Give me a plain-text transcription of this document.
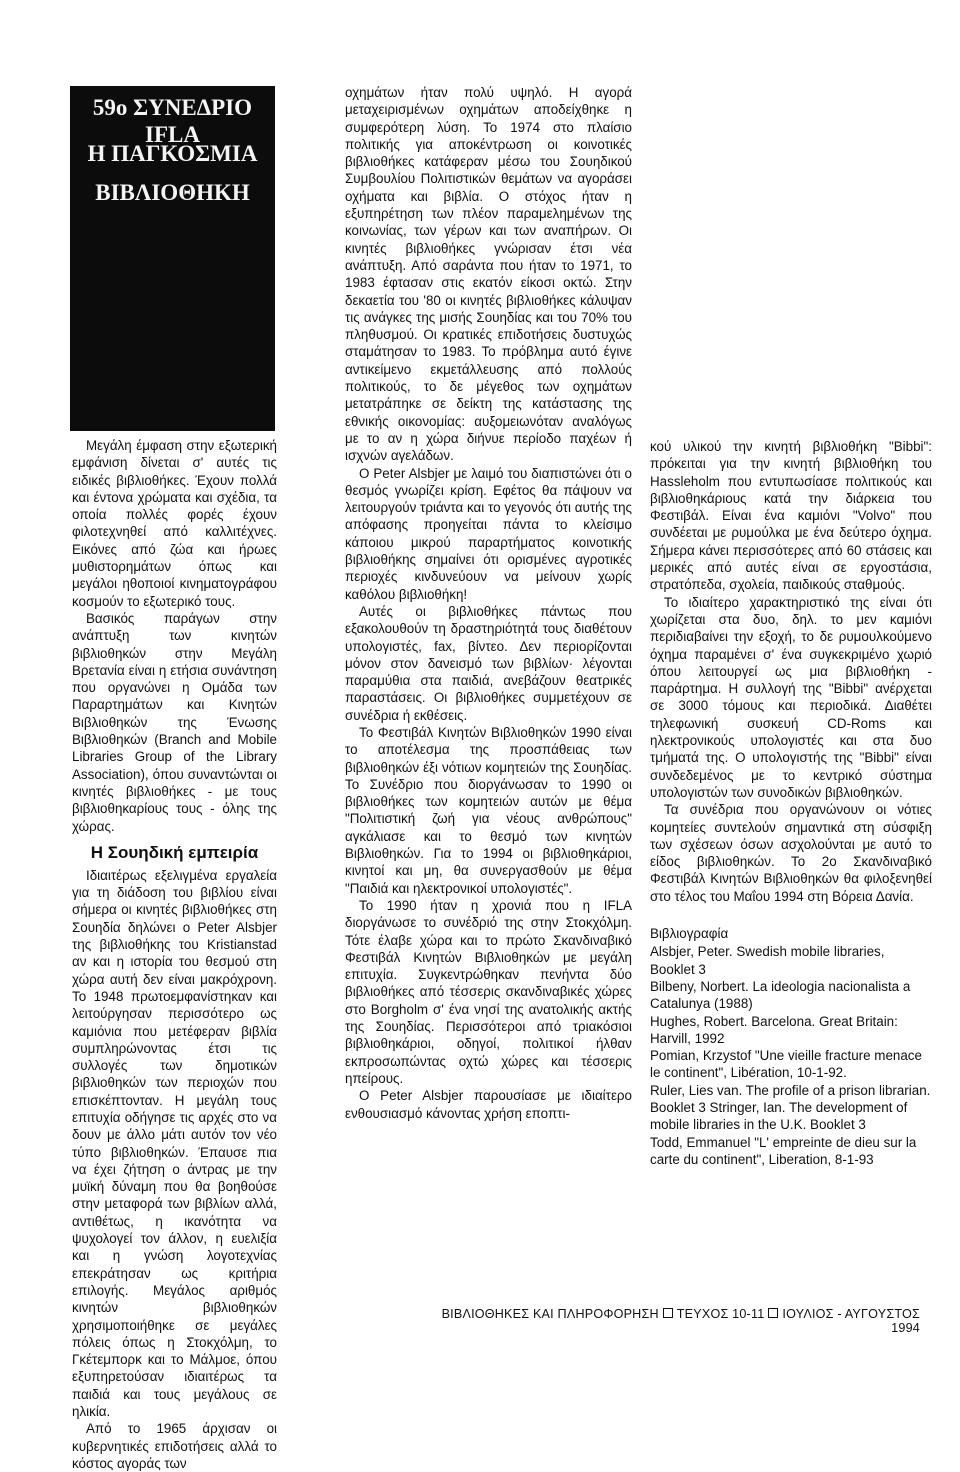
59ο ΣΥΝΕΔΡΙΟ IFLA
Η ΠΑΓΚΟΣΜΙΑ
ΒΙΒΛΙΟΘΗΚΗ

Μεγάλη έμφαση στην εξωτερική εμφάνιση δίνεται σ' αυτές τις ειδικές βιβλιοθήκες. Έχουν πολλά και έντονα χρώματα και σχέδια, τα οποία πολλές φορές έχουν φιλοτεχνηθεί από καλλιτέχνες. Εικόνες από ζώα και ήρωες μυθιστορημάτων όπως και μεγάλοι ηθοποιοί κινηματογράφου κοσμούν το εξωτερικό τους.

Βασικός παράγων στην ανάπτυξη των κινητών βιβλιοθηκών στην Μεγάλη Βρετανία είναι η ετήσια συνάντηση που οργανώνει η Ομάδα των Παραρτημάτων και Κινητών Βιβλιοθηκών της Ένωσης Βιβλιοθηκών (Branch and Mobile Libraries Group of the Library Association), όπου συναντώνται οι κινητές βιβλιοθήκες - με τους βιβλιοθηκαρίους τους - όλης της χώρας.

Η Σουηδική εμπειρία

Ιδιαιτέρως εξελιγμένα εργαλεία για τη διάδοση του βιβλίου είναι σήμερα οι κινητές βιβλιοθήκες στη Σουηδία δηλώνει ο Peter Alsbjer της βιβλιοθήκης του Kristianstad αν και η ιστορία του θεσμού στη χώρα αυτή δεν είναι μακρόχρονη. Το 1948 πρωτοεμφανίστηκαν και λειτούργησαν περισσότερο ως καμιόνια που μετέφεραν βιβλία συμπληρώνοντας έτσι τις συλλογές των δημοτικών βιβλιοθηκών των περιοχών που επισκέπτονταν. Η μεγάλη τους επιτυχία οδήγησε τις αρχές στο να δουν με άλλο μάτι αυτόν τον νέο τύπο βιβλιοθηκών. Έπαυσε πια να έχει ζήτηση ο άντρας με την μυϊκή δύναμη που θα βοηθούσε στην μεταφορά των βιβλίων αλλά, αντιθέτως, η ικανότητα να ψυχολογεί τον άλλον, η ευελιξία και η γνώση λογοτεχνίας επεκράτησαν ως κριτήρια επιλογής. Μεγάλος αριθμός κινητών βιβλιοθηκών χρησιμοποιήθηκε σε μεγάλες πόλεις όπως η Στοκχόλμη, το Γκέτεμπορκ και το Μάλμοε, όπου εξυπηρετούσαν ιδιαιτέρως τα παιδιά και τους μεγάλους σε ηλικία.

Από το 1965 άρχισαν οι κυβερνητικές επιδοτήσεις αλλά το κόστος αγοράς των

οχημάτων ήταν πολύ υψηλό. Η αγορά μεταχειρισμένων οχημάτων αποδείχθηκε η συμφερότερη λύση. Το 1974 στο πλαίσιο πολιτικής για αποκέντρωση οι κοινοτικές βιβλιοθήκες κατάφεραν μέσω του Σουηδικού Συμβουλίου Πολιτιστικών θεμάτων να αγοράσει οχήματα και βιβλία. Ο στόχος ήταν η εξυπηρέτηση των πλέον παραμελημένων της κοινωνίας, των γέρων και των αναπήρων. Οι κινητές βιβλιοθήκες γνώρισαν έτσι νέα ανάπτυξη. Από σαράντα που ήταν το 1971, το 1983 έφτασαν στις εκατόν είκοσι οκτώ. Στην δεκαετία του '80 οι κινητές βιβλιοθήκες κάλυψαν τις ανάγκες της μισής Σουηδίας και του 70% του πληθυσμού. Οι κρατικές επιδοτήσεις δυστυχώς σταμάτησαν το 1983. Το πρόβλημα αυτό έγινε αντικείμενο εκμετάλλευσης από πολλούς πολιτικούς, το δε μέγεθος των οχημάτων μετατράπηκε σε δείκτη της κατάστασης της εθνικής οικονομίας: αυξομειωνόταν αναλόγως με το αν η χώρα διήνυε περίοδο παχέων ή ισχνών αγελάδων.

Ο Peter Alsbjer με λαιμό του διαπιστώνει ότι ο θεσμός γνωρίζει κρίση. Εφέτος θα πάψουν να λειτουργούν τριάντα και το γεγονός ότι αυτής της απόφασης προηγείται πάντα το κλείσιμο κάποιου μικρού παραρτήματος κοινοτικής βιβλιοθήκης σημαίνει ότι ορισμένες αγροτικές περιοχές κινδυνεύουν να μείνουν χωρίς καθόλου βιβλιοθήκη!

Αυτές οι βιβλιοθήκες πάντως που εξακολουθούν τη δραστηριότητά τους διαθέτουν υπολογιστές, fax, βίντεο. Δεν περιορίζονται μόνον στον δανεισμό των βιβλίων· λέγονται παραμύθια στα παιδιά, ανεβάζουν θεατρικές παραστάσεις. Οι βιβλιοθήκες συμμετέχουν σε συνέδρια ή εκθέσεις.

Το Φεστιβάλ Κινητών Βιβλιοθηκών 1990 είναι το αποτέλεσμα της προσπάθειας των βιβλιοθηκών έξι νότιων κομητειών της Σουηδίας. Το Συνέδριο που διοργάνωσαν το 1990 οι βιβλιοθήκες των κομητειών αυτών με θέμα "Πολιτιστική ζωή για νέους ανθρώπους" αγκάλιασε και το θεσμό των κινητών Βιβλιοθηκών. Για το 1994 οι βιβλιοθηκάριοι, κινητοί και μη, θα συνεργασθούν με θέμα "Παιδιά και ηλεκτρονικοί υπολογιστές".

Το 1990 ήταν η χρονιά που η IFLA διοργάνωσε το συνέδριό της στην Στοκχόλμη. Τότε έλαβε χώρα και το πρώτο Σκανδιναβικό Φεστιβάλ Κινητών Βιβλιοθηκών με μεγάλη επιτυχία. Συγκεντρώθηκαν πενήντα δύο βιβλιοθήκες από τέσσερις σκανδιναβικές χώρες στο Borgholm σ' ένα νησί της ανατολικής ακτής της Σουηδίας. Περισσότεροι από τριακόσιοι βιβλιοθηκάριοι, οδηγοί, πολιτικοί ήλθαν εκπροσωπώντας οχτώ χώρες και τέσσερις ηπείρους.

Ο Peter Alsbjer παρουσίασε με ιδιαίτερο ενθουσιασμό κάνοντας χρήση εποπτι-

κού υλικού την κινητή βιβλιοθήκη "Bibbi": πρόκειται για την κινητή βιβλιοθήκη του Hassleholm που εντυπωσίασε πολιτικούς και βιβλιοθηκάριους κατά την διάρκεια του Φεστιβάλ. Είναι ένα καμιόνι "Volvo" που συνδέεται με ρυμούλκα με ένα δεύτερο όχημα. Σήμερα κάνει περισσότερες από 60 στάσεις και μερικές από αυτές είναι σε εργοστάσια, στρατόπεδα, σχολεία, παιδικούς σταθμούς.

Το ιδιαίτερο χαρακτηριστικό της είναι ότι χωρίζεται στα δυο, δηλ. το μεν καμιόνι περιδιαβαίνει την εξοχή, το δε ρυμουλκούμενο όχημα παραμένει σ' ένα συγκεκριμένο χωριό όπου λειτουργεί ως μια βιβλιοθήκη - παράρτημα. Η συλλογή της "Bibbi" ανέρχεται σε 3000 τόμους και περιοδικά. Διαθέτει τηλεφωνική συσκευή CD-Roms και ηλεκτρονικούς υπολογιστές και στα δυο τμήματά της. Ο υπολογιστής της "Bibbi" είναι συνδεδεμένος με το κεντρικό σύστημα υπολογιστών των συνοδικών βιβλιοθηκών.

Τα συνέδρια που οργανώνουν οι νότιες κομητείες συντελούν σημαντικά στη σύσφιξη των σχέσεων όσων ασχολούνται με αυτό το είδος βιβλιοθηκών. Το 2ο Σκανδιναβικό Φεστιβάλ Κινητών Βιβλιοθηκών θα φιλοξενηθεί στο τέλος του Μαΐου 1994 στη Βόρεια Δανία.

Βιβλιογραφία

Alsbjer, Peter. Swedish mobile libraries, Booklet 3

Bilbeny, Norbert. La ideologia nacionalista a Catalunya (1988)

Hughes, Robert. Barcelona. Great Britain: Harvill, 1992

Pomian, Krzystof "Une vieille fracture menace le continent", Libération, 10-1-92.

Ruler, Lies van. The profile of a prison librarian. Booklet 3 Stringer, Ian. The development of mobile libraries in the U.K. Booklet 3

Todd, Emmanuel "L' empreinte de dieu sur la carte du continent", Liberation, 8-1-93

ΒΙΒΛΙΟΘΗΚΕΣ ΚΑΙ ΠΛΗΡΟΦΟΡΗΣΗ ΤΕΥΧΟΣ 10-11 ΙΟΥΛΙΟΣ - ΑΥΓΟΥΣΤΟΣ 1994
